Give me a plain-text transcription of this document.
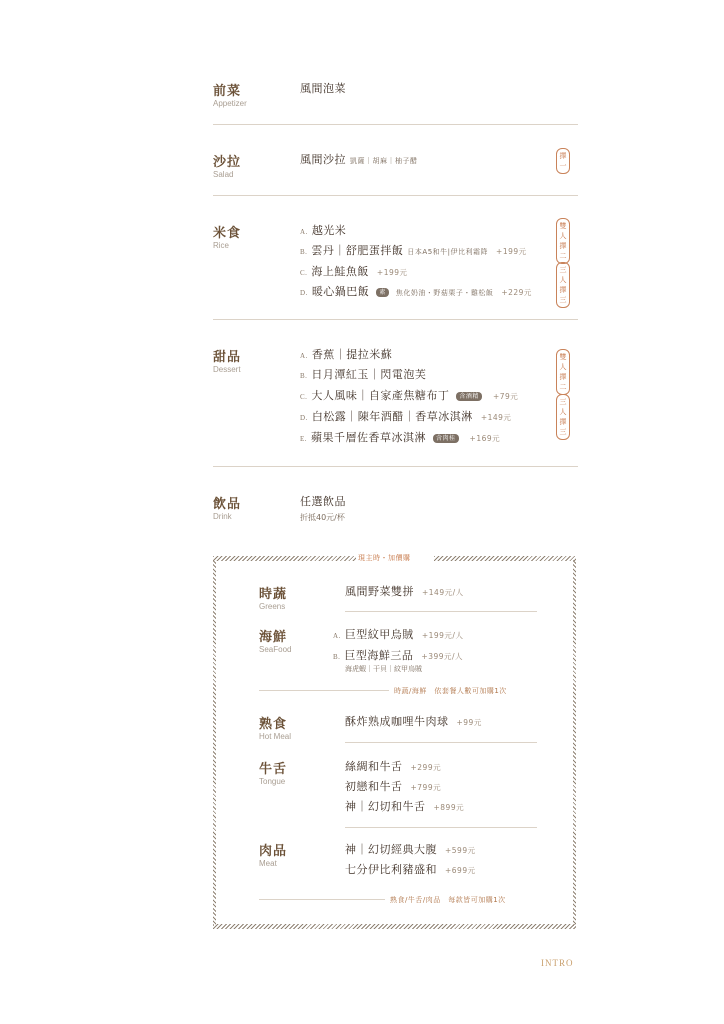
前菜
Appetizer
風間泡菜
沙拉
Salad
風間沙拉 凱薩｜胡麻｜柚子醋
擇一
米食
Rice
A. 越光米
B. 雲丹｜舒肥蛋拌飯 日本A5和牛|伊比利霜降 +199元
C. 海上鮭魚飯 +199元
D. 暖心鍋巴飯 素 焦化奶油・野菇栗子・雞松飯 +229元
雙人擇二
三人擇三
甜品
Dessert
A. 香蕉｜提拉米蘇
B. 日月潭紅玉｜閃電泡芙
C. 大人風味｜自家產焦糖布丁 含酒精 +79元
D. 白松露｜陳年酒醋｜香草冰淇淋 +149元
E. 蘋果千層佐香草冰淇淋 含肉桂 +169元
雙人擇二
三人擇三
飲品
Drink
任選飲品
折抵40元/杯
現主時・加價購
時蔬
Greens
風間野菜雙拼 +149元/人
海鮮
SeaFood
A. 巨型紋甲烏賊 +199元/人
B. 巨型海鮮三品 +399元/人
海虎蝦｜干貝｜紋甲烏賊
時蔬/海鮮　依套餐人數可加購1次
熟食
Hot Meal
酥炸熟成咖哩牛肉球 +99元
牛舌
Tongue
絲綢和牛舌 +299元
初戀和牛舌 +799元
神｜幻切和牛舌 +899元
肉品
Meat
神｜幻切經典大腹 +599元
七分伊比利豬盛和 +699元
熟食/牛舌/肉品　每款皆可加購1次
INTRO
